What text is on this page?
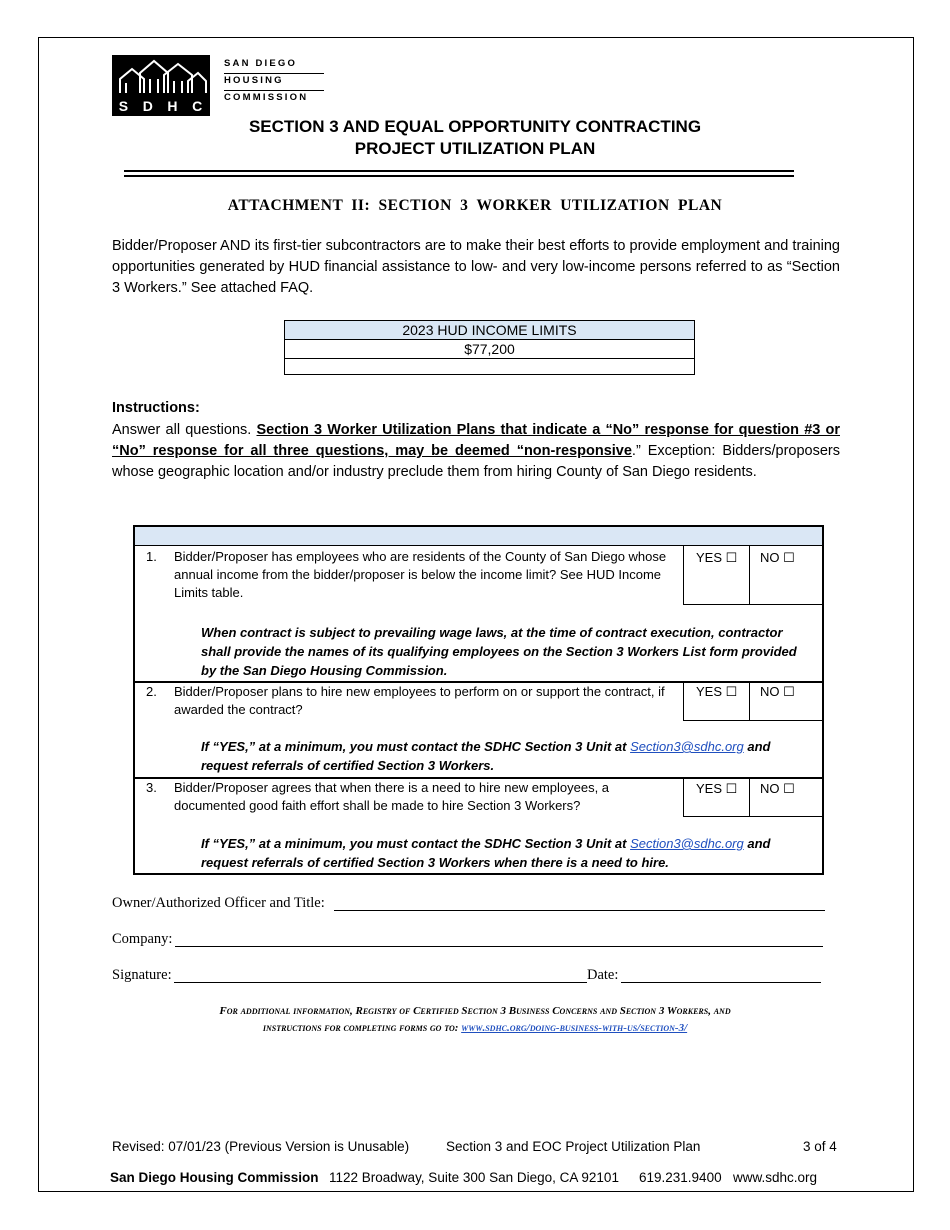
S D H C
SAN DIEGO
HOUSING
COMMISSION
SECTION 3 AND EQUAL OPPORTUNITY CONTRACTING
PROJECT UTILIZATION PLAN
ATTACHMENT II: SECTION 3 WORKER UTILIZATION PLAN
Bidder/Proposer AND its first-tier subcontractors are to make their best efforts to provide employment and training opportunities generated by HUD financial assistance to low- and very low-income persons referred to as “Section 3 Workers.” See attached FAQ.
2023 HUD INCOME LIMITS
$77,200

Instructions:
Answer all questions. Section 3 Worker Utilization Plans that indicate a “No” response for question #3 or “No” response for all three questions, may be deemed “non-responsive.” Exception: Bidders/proposers whose geographic location and/or industry preclude them from hiring County of San Diego residents.
1. Bidder/Proposer has employees who are residents of the County of San Diego whose annual income from the bidder/proposer is below the income limit? See HUD Income Limits table.
YES ☐ NO ☐
When contract is subject to prevailing wage laws, at the time of contract execution, contractor shall provide the names of its qualifying employees on the Section 3 Workers List form provided by the San Diego Housing Commission.
2. Bidder/Proposer plans to hire new employees to perform on or support the contract, if awarded the contract?
YES ☐ NO ☐
If “YES,” at a minimum, you must contact the SDHC Section 3 Unit at Section3@sdhc.org and request referrals of certified Section 3 Workers.
3. Bidder/Proposer agrees that when there is a need to hire new employees, a documented good faith effort shall be made to hire Section 3 Workers?
YES ☐ NO ☐
If “YES,” at a minimum, you must contact the SDHC Section 3 Unit at Section3@sdhc.org and request referrals of certified Section 3 Workers when there is a need to hire.
Owner/Authorized Officer and Title:
Company:
Signature:	Date:
For additional information, Registry of Certified Section 3 Business Concerns and Section 3 Workers, and
instructions for completing forms go to: www.sdhc.org/doing-business-with-us/section-3/
Revised: 07/01/23 (Previous Version is Unusable)	Section 3 and EOC Project Utilization Plan	3 of 4
San Diego Housing Commission 1122 Broadway, Suite 300 San Diego, CA 92101 619.231.9400 www.sdhc.org
